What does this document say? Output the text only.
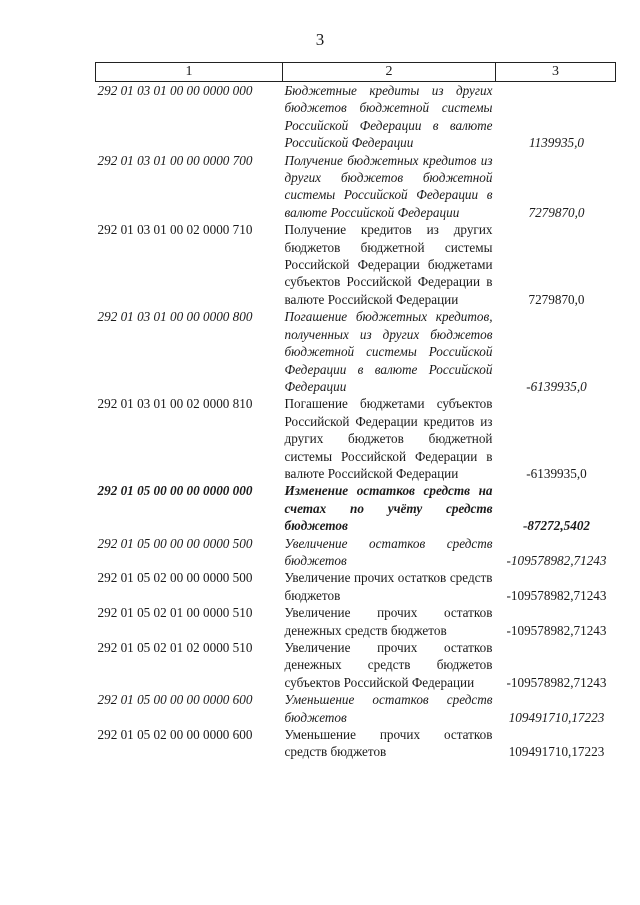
3
1	2	3
292 01 03 01 00 00 0000 000	Бюджетные кредиты из других бюджетов бюджетной системы Российской Федерации в валюте Российской Федерации	1139935,0
292 01 03 01 00 00 0000 700	Получение бюджетных кредитов из других бюджетов бюджетной системы Российской Федерации в валюте Российской Федерации	7279870,0
292 01 03 01 00 02 0000 710	Получение кредитов из других бюджетов бюджетной системы Российской Федерации бюджетами субъектов Российской Федерации в валюте Российской Федерации	7279870,0
292 01 03 01 00 00 0000 800	Погашение бюджетных кредитов, полученных из других бюджетов бюджетной системы Российской Федерации в валюте Российской Федерации	-6139935,0
292 01 03 01 00 02 0000 810	Погашение бюджетами субъектов Российской Федерации кредитов из других бюджетов бюджетной системы Российской Федерации в валюте Российской Федерации	-6139935,0
292 01 05 00 00 00 0000 000	Изменение остатков средств на счетах по учёту средств бюджетов	-87272,5402
292 01 05 00 00 00 0000 500	Увеличение остатков средств бюджетов	-109578982,71243
292 01 05 02 00 00 0000 500	Увеличение прочих остатков средств бюджетов	-109578982,71243
292 01 05 02 01 00 0000 510	Увеличение прочих остатков денежных средств бюджетов	-109578982,71243
292 01 05 02 01 02 0000 510	Увеличение прочих остатков денежных средств бюджетов субъектов Российской Федерации	-109578982,71243
292 01 05 00 00 00 0000 600	Уменьшение остатков средств бюджетов	109491710,17223
292 01 05 02 00 00 0000 600	Уменьшение прочих остатков средств бюджетов	109491710,17223
